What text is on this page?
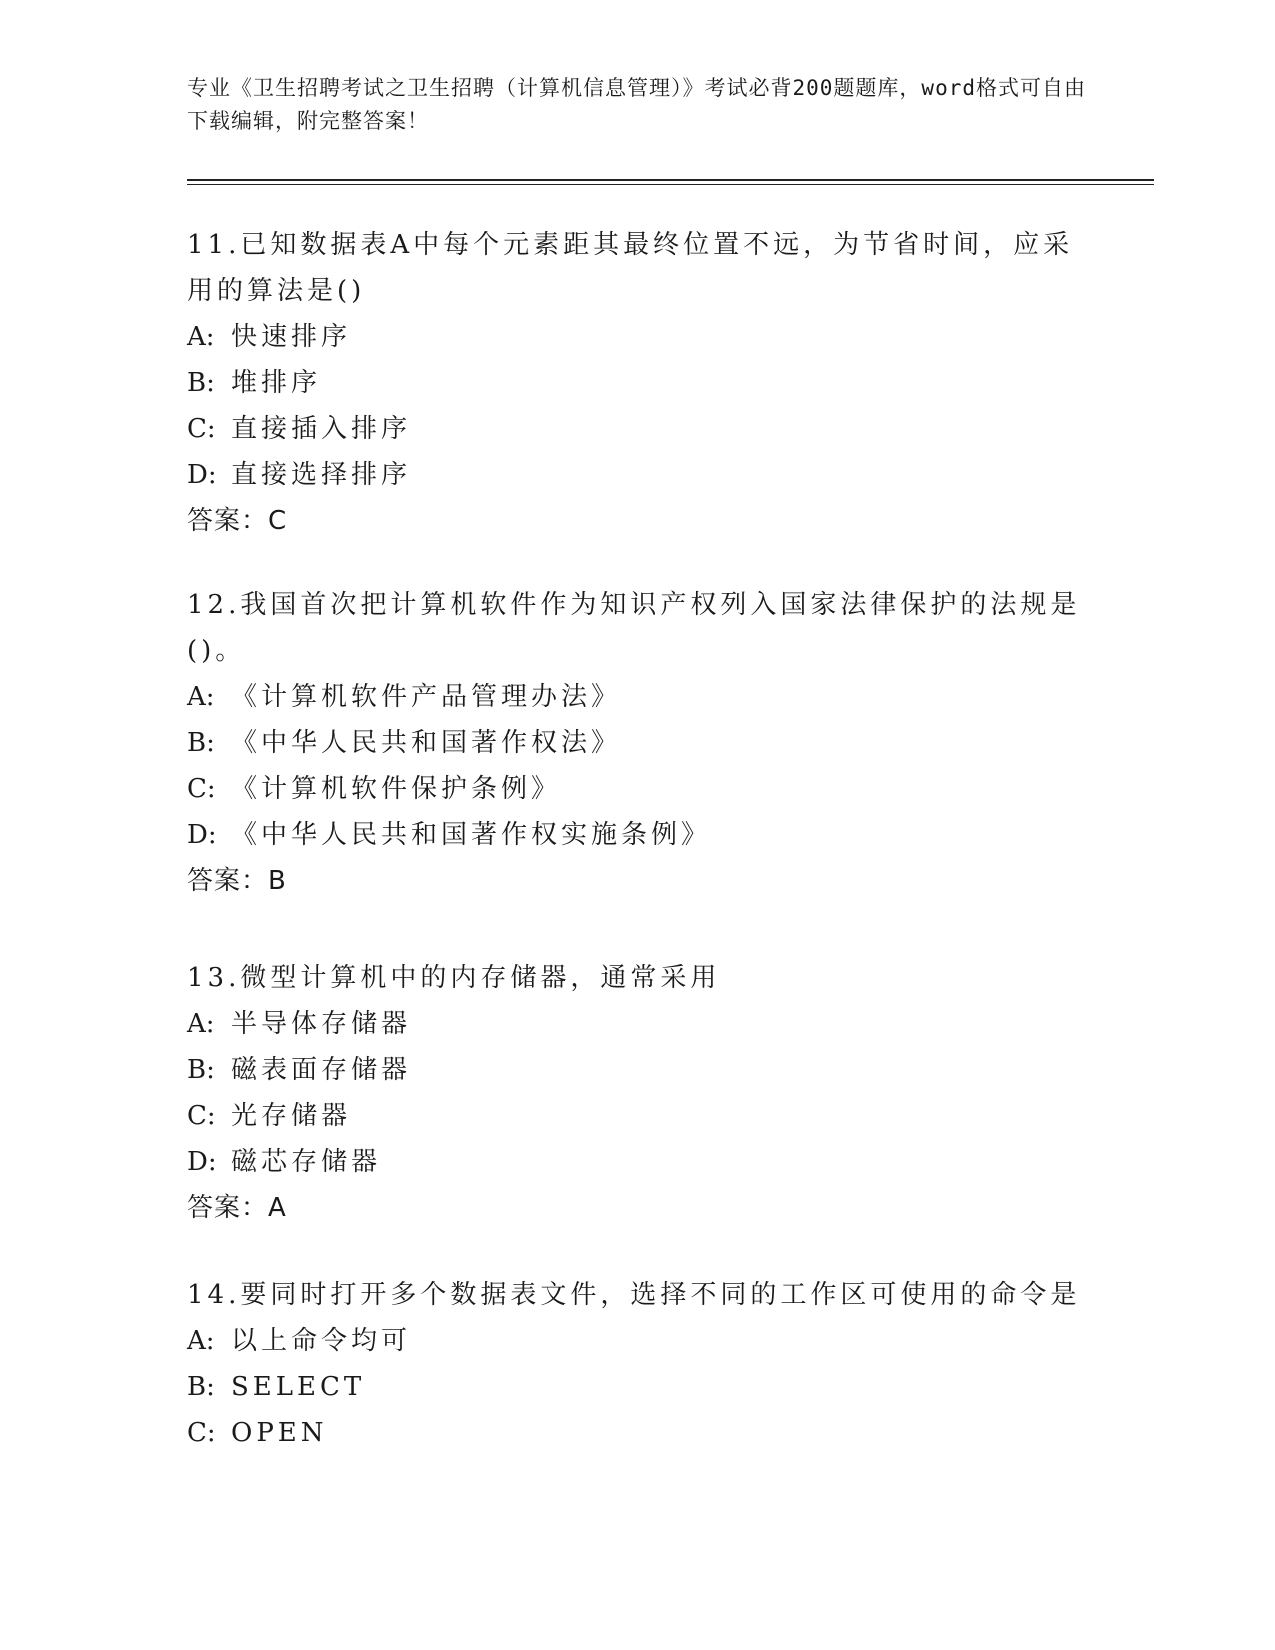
专业《卫生招聘考试之卫生招聘（计算机信息管理）》考试必背200题题库，word格式可自由下载编辑，附完整答案！

11.已知数据表A中每个元素距其最终位置不远，为节省时间，应采用的算法是()

A: 快速排序

B: 堆排序

C: 直接插入排序

D: 直接选择排序

答案：C

12.我国首次把计算机软件作为知识产权列入国家法律保护的法规是()。

A: 《计算机软件产品管理办法》

B: 《中华人民共和国著作权法》

C: 《计算机软件保护条例》

D: 《中华人民共和国著作权实施条例》

答案：B

13.微型计算机中的内存储器，通常采用

A: 半导体存储器

B: 磁表面存储器

C: 光存储器

D: 磁芯存储器

答案：A

14.要同时打开多个数据表文件，选择不同的工作区可使用的命令是

A: 以上命令均可

B: SELECT

C: OPEN
